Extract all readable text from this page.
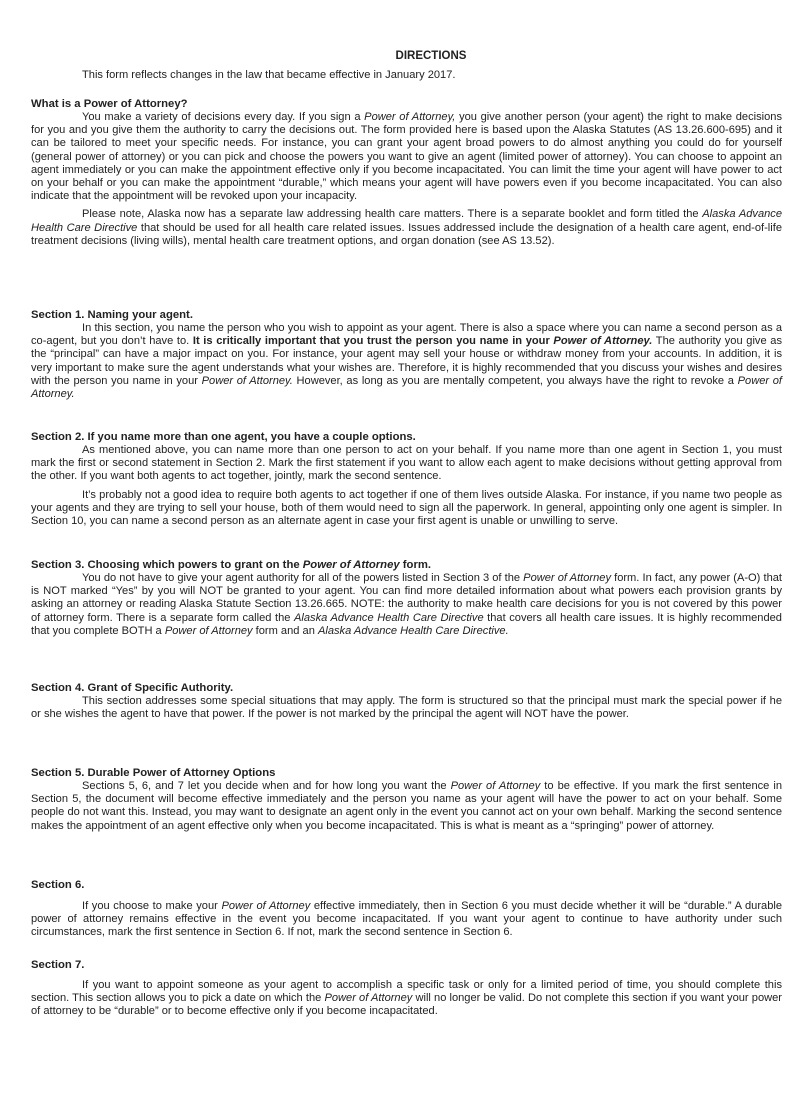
DIRECTIONS
This form reflects changes in the law that became effective in January 2017.
What is a Power of Attorney?

You make a variety of decisions every day. If you sign a Power of Attorney, you give another person (your agent) the right to make decisions for you and you give them the authority to carry the decisions out. The form provided here is based upon the Alaska Statutes (AS 13.26.600-695) and it can be tailored to meet your specific needs. For instance, you can grant your agent broad powers to do almost anything you could do for yourself (general power of attorney) or you can pick and choose the powers you want to give an agent (limited power of attorney). You can choose to appoint an agent immediately or you can make the appointment effective only if you become incapacitated. You can limit the time your agent will have power to act on your behalf or you can make the appointment “durable,” which means your agent will have powers even if you become incapacitated. You can also indicate that the appointment will be revoked upon your incapacity.

Please note, Alaska now has a separate law addressing health care matters. There is a separate booklet and form titled the Alaska Advance Health Care Directive that should be used for all health care related issues. Issues addressed include the designation of a health care agent, end-of-life treatment decisions (living wills), mental health care treatment options, and organ donation (see AS 13.52).

Section 1. Naming your agent.

In this section, you name the person who you wish to appoint as your agent. There is also a space where you can name a second person as a co-agent, but you don’t have to. It is critically important that you trust the person you name in your Power of Attorney. The authority you give as the “principal” can have a major impact on you. For instance, your agent may sell your house or withdraw money from your accounts. In addition, it is very important to make sure the agent understands what your wishes are. Therefore, it is highly recommended that you discuss your wishes and desires with the person you name in your Power of Attorney. However, as long as you are mentally competent, you always have the right to revoke a Power of Attorney.

Section 2. If you name more than one agent, you have a couple options.

As mentioned above, you can name more than one person to act on your behalf. If you name more than one agent in Section 1, you must mark the first or second statement in Section 2. Mark the first statement if you want to allow each agent to make decisions without getting approval from the other. If you want both agents to act together, jointly, mark the second sentence.

It’s probably not a good idea to require both agents to act together if one of them lives outside Alaska. For instance, if you name two people as your agents and they are trying to sell your house, both of them would need to sign all the paperwork. In general, appointing only one agent is simpler. In Section 10, you can name a second person as an alternate agent in case your first agent is unable or unwilling to serve.

Section 3. Choosing which powers to grant on the Power of Attorney form.

You do not have to give your agent authority for all of the powers listed in Section 3 of the Power of Attorney form. In fact, any power (A-O) that is NOT marked “Yes” by you will NOT be granted to your agent. You can find more detailed information about what powers each provision grants by asking an attorney or reading Alaska Statute Section 13.26.665. NOTE: the authority to make health care decisions for you is not covered by this power of attorney form. There is a separate form called the Alaska Advance Health Care Directive that covers all health care issues. It is highly recommended that you complete BOTH a Power of Attorney form and an Alaska Advance Health Care Directive.

Section 4. Grant of Specific Authority.

This section addresses some special situations that may apply. The form is structured so that the principal must mark the special power if he or she wishes the agent to have that power. If the power is not marked by the principal the agent will NOT have the power.

Section 5. Durable Power of Attorney Options

Sections 5, 6, and 7 let you decide when and for how long you want the Power of Attorney to be effective. If you mark the first sentence in Section 5, the document will become effective immediately and the person you name as your agent will have the power to act on your behalf. Some people do not want this. Instead, you may want to designate an agent only in the event you cannot act on your own behalf. Marking the second sentence makes the appointment of an agent effective only when you become incapacitated. This is what is meant as a “springing” power of attorney.

Section 6.

If you choose to make your Power of Attorney effective immediately, then in Section 6 you must decide whether it will be “durable.” A durable power of attorney remains effective in the event you become incapacitated. If you want your agent to continue to have authority under such circumstances, mark the first sentence in Section 6. If not, mark the second sentence in Section 6.

Section 7.

If you want to appoint someone as your agent to accomplish a specific task or only for a limited period of time, you should complete this section. This section allows you to pick a date on which the Power of Attorney will no longer be valid. Do not complete this section if you want your power of attorney to be “durable” or to become effective only if you become incapacitated.
